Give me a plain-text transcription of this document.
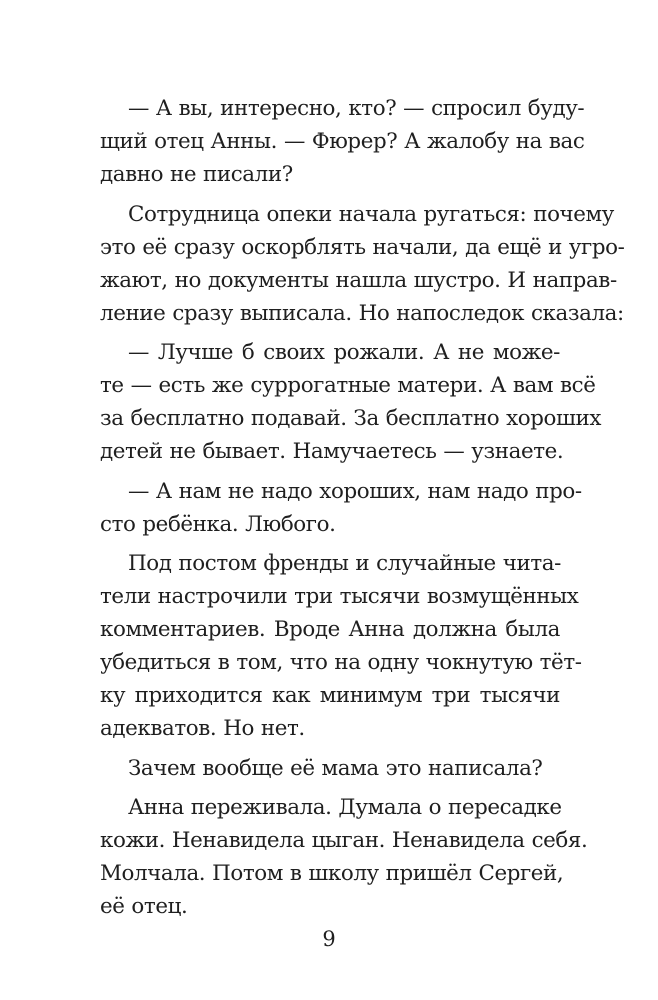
— А вы, интересно, кто? — спросил буду-
щий отец Анны. — Фюрер? А жалобу на вас
давно не писали?
Сотрудница опеки начала ругаться: почему
это её сразу оскорблять начали, да ещё и угро-
жают, но документы нашла шустро. И направ-
ление сразу выписала. Но напоследок сказала:
— Лучше б своих рожали. А не може-
те — есть же суррогатные матери. А вам всё
за бесплатно подавай. За бесплатно хороших
детей не бывает. Намучаетесь — узнаете.
— А нам не надо хороших, нам надо про-
сто ребёнка. Любого.
Под постом френды и случайные чита-
тели настрочили три тысячи возмущённых
комментариев. Вроде Анна должна была
убедиться в том, что на одну чокнутую тёт-
ку приходится как минимум три тысячи
адекватов. Но нет.
Зачем вообще её мама это написала?
Анна переживала. Думала о пересадке
кожи. Ненавидела цыган. Ненавидела себя.
Молчала. Потом в школу пришёл Сергей,
её отец.
9
